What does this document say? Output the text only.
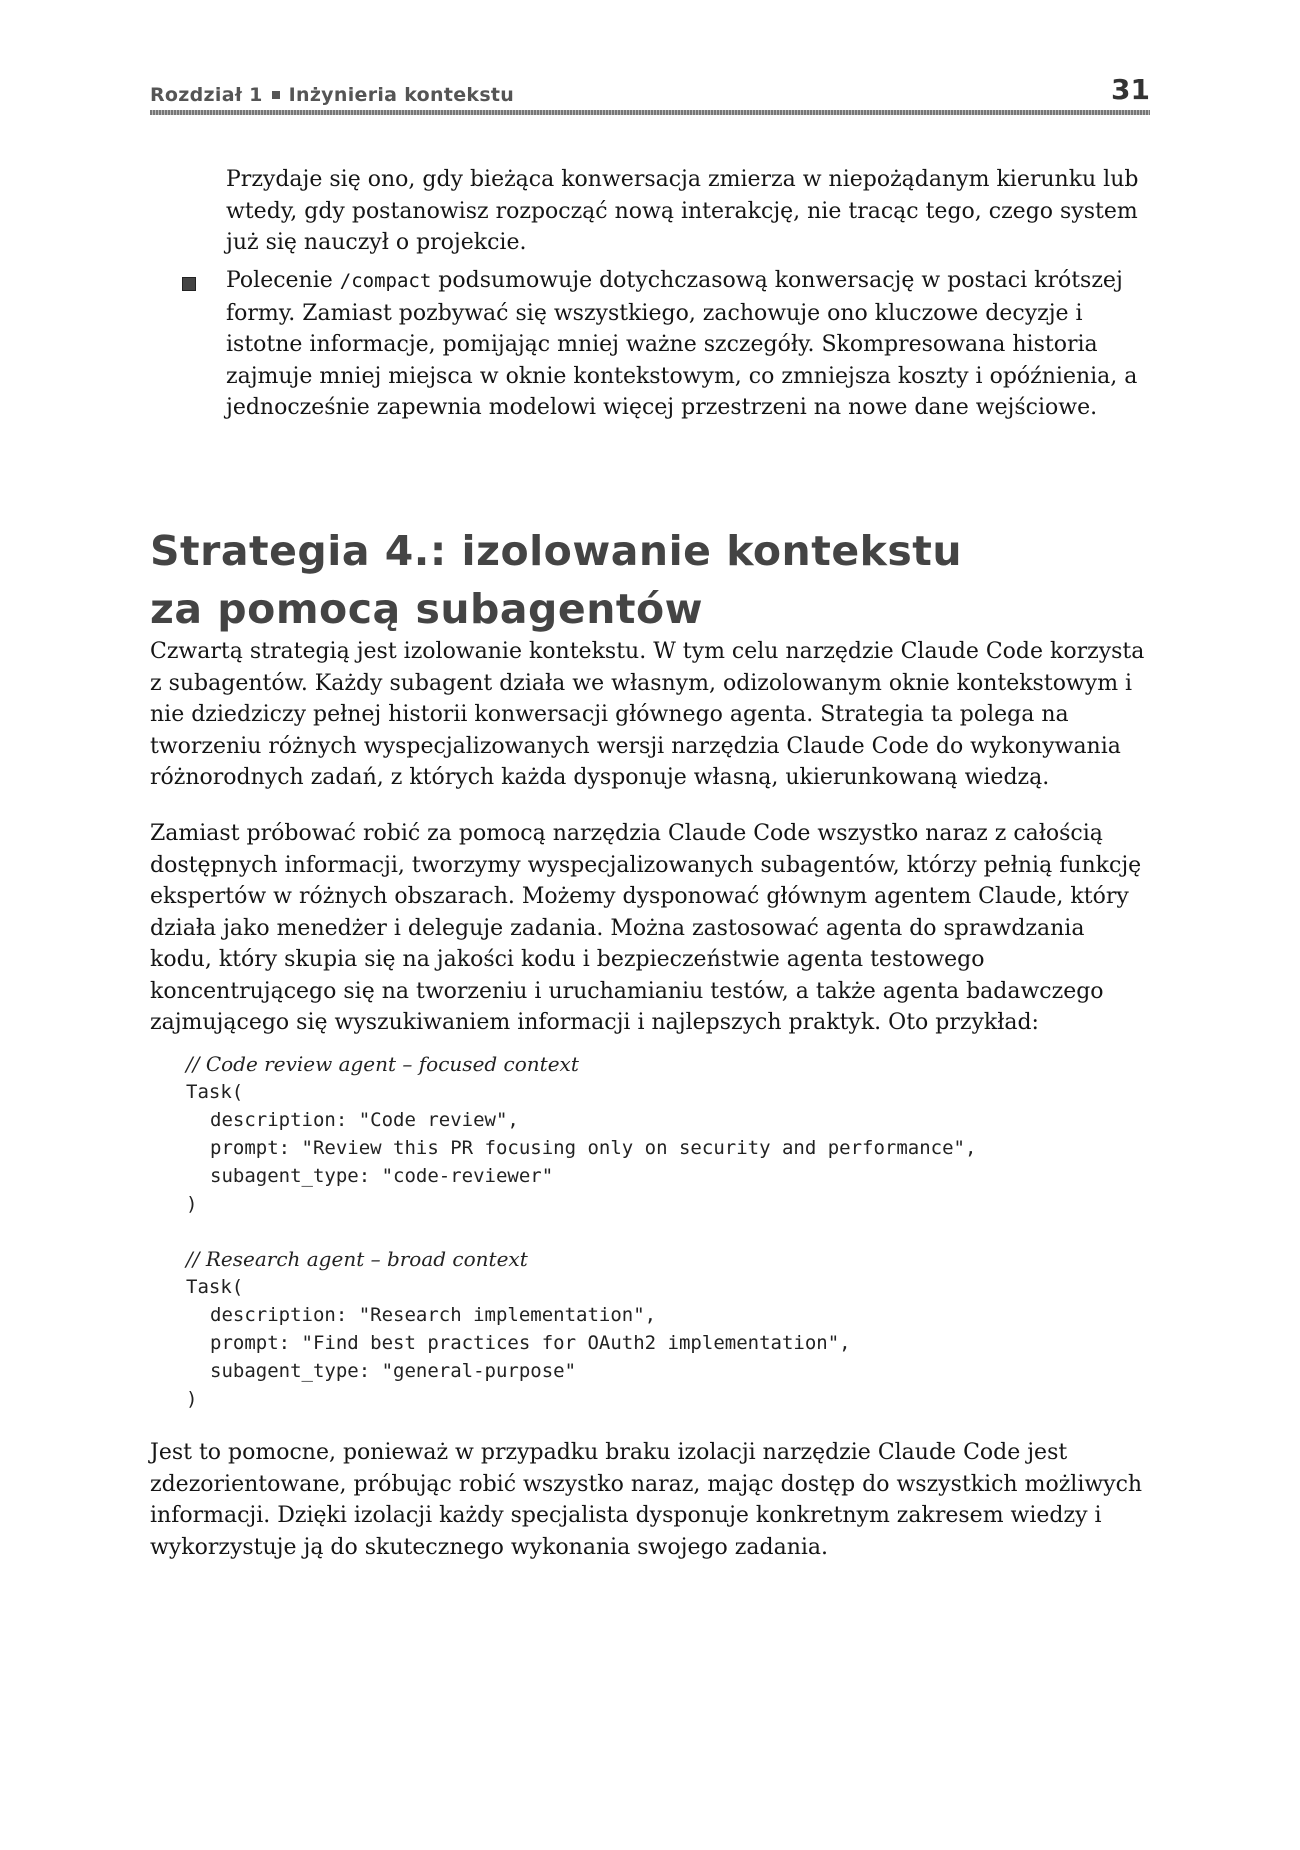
Rozdział 1 Inżynieria kontekstu	31

Przydaje się ono, gdy bieżąca konwersacja zmierza w niepożądanym kierunku lub wtedy, gdy postanowisz rozpocząć nową interakcję, nie tracąc tego, czego system już się nauczył o projekcie.

Polecenie /compact podsumowuje dotychczasową konwersację w postaci krótszej formy. Zamiast pozbywać się wszystkiego, zachowuje ono kluczowe decyzje i istotne informacje, pomijając mniej ważne szczegóły. Skompresowana historia zajmuje mniej miejsca w oknie kontekstowym, co zmniejsza koszty i opóźnienia, a jednocześnie zapewnia modelowi więcej przestrzeni na nowe dane wejściowe.

Strategia 4.: izolowanie kontekstu
za pomocą subagentów

Czwartą strategią jest izolowanie kontekstu. W tym celu narzędzie Claude Code korzysta z subagentów. Każdy subagent działa we własnym, odizolowanym oknie kontekstowym i nie dziedziczy pełnej historii konwersacji głównego agenta. Strategia ta polega na tworzeniu różnych wyspecjalizowanych wersji narzędzia Claude Code do wykonywania różnorodnych zadań, z których każda dysponuje własną, ukierunkowaną wiedzą.

Zamiast próbować robić za pomocą narzędzia Claude Code wszystko naraz z całością dostępnych informacji, tworzymy wyspecjalizowanych subagentów, którzy pełnią funkcję ekspertów w różnych obszarach. Możemy dysponować głównym agentem Claude, który działa jako menedżer i deleguje zadania. Można zastosować agenta do sprawdzania kodu, który skupia się na jakości kodu i bezpieczeństwie agenta testowego koncentrującego się na tworzeniu i uruchamianiu testów, a także agenta badawczego zajmującego się wyszukiwaniem informacji i najlepszych praktyk. Oto przykład:

// Code review agent – focused context
Task(
description: "Code review",
prompt: "Review this PR focusing only on security and performance",
subagent_type: "code-reviewer"
)
// Research agent – broad context
Task(
description: "Research implementation",
prompt: "Find best practices for OAuth2 implementation",
subagent_type: "general-purpose"
)

Jest to pomocne, ponieważ w przypadku braku izolacji narzędzie Claude Code jest zdezorientowane, próbując robić wszystko naraz, mając dostęp do wszystkich możliwych informacji. Dzięki izolacji każdy specjalista dysponuje konkretnym zakresem wiedzy i wykorzystuje ją do skutecznego wykonania swojego zadania.
